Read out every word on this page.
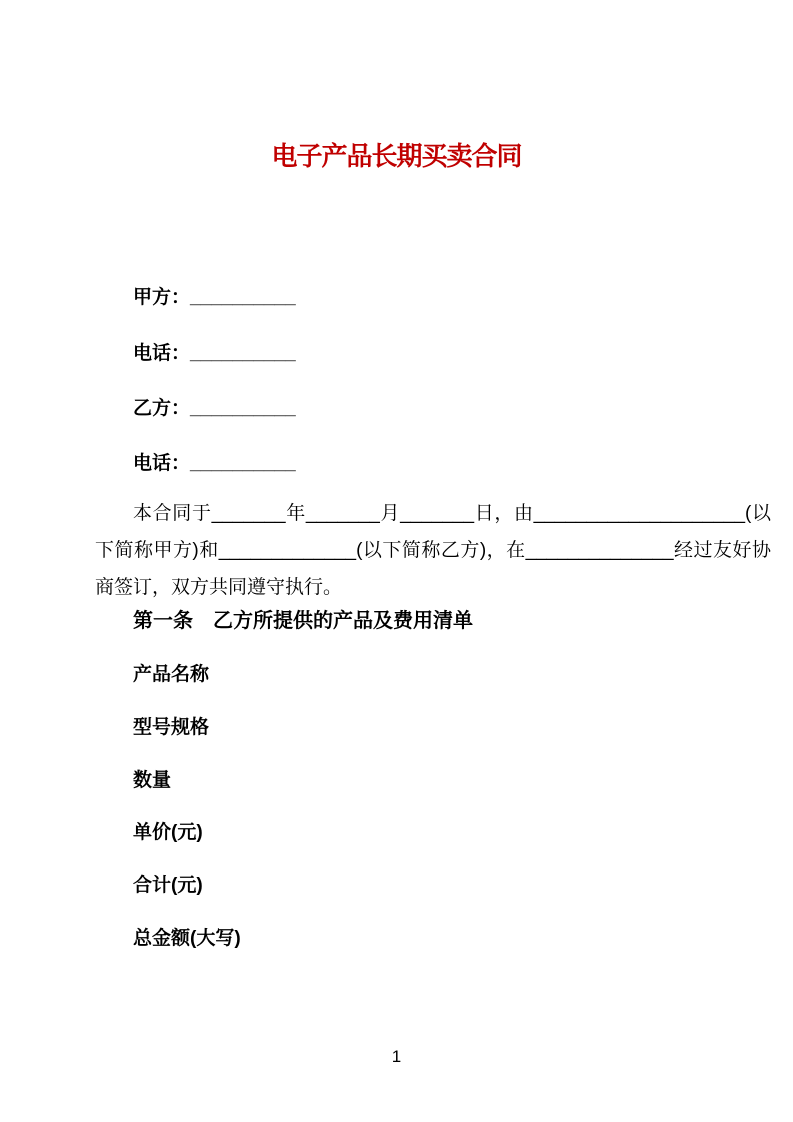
电子产品长期买卖合同
甲方：__________
电话：__________
乙方：__________
电话：__________

本合同于_______年_______月_______日，由____________________(以下简称甲方)和_____________(以下简称乙方)，在______________经过友好协商签订，双方共同遵守执行。

第一条　乙方所提供的产品及费用清单
产品名称
型号规格
数量
单价(元)
合计(元)
总金额(大写)
1
